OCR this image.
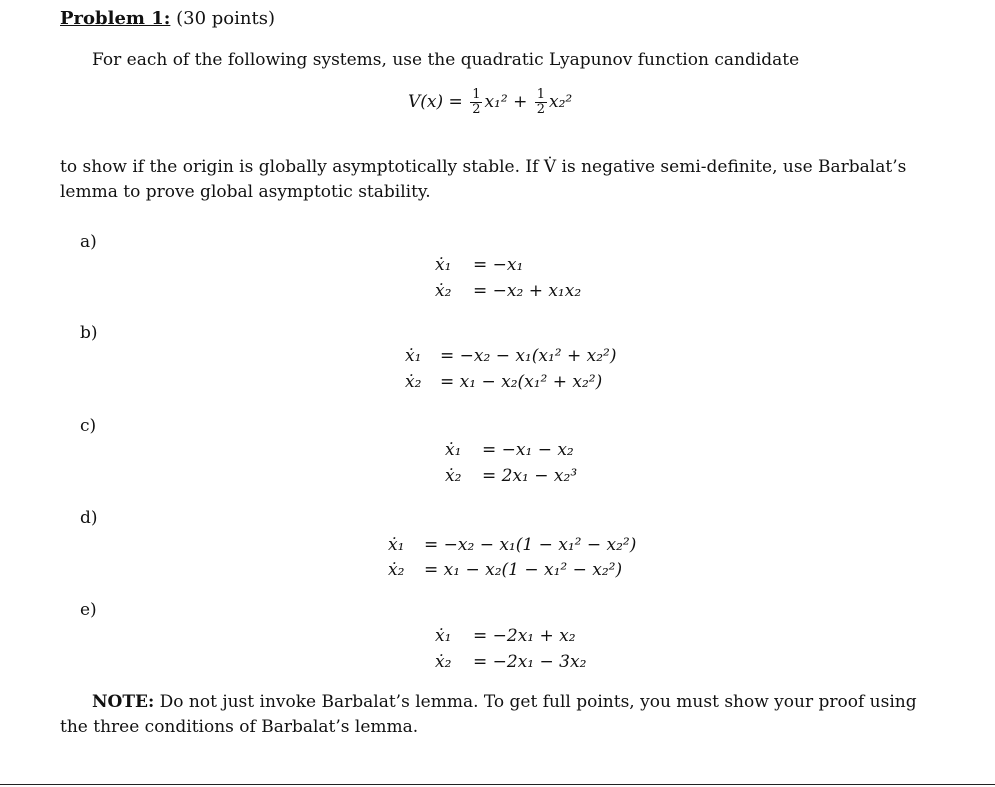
Problem 1: (30 points)
For each of the following systems, use the quadratic Lyapunov function candidate
$V(x) = \frac{1}{2} x_1^2 + \frac{1}{2} x_2^2$
to show if the origin is globally asymptotically stable. If V̇ is negative semi-definite, use Barbalat’s lemma to prove global asymptotic stability.
a)
ẋ₁ = −x₁
ẋ₂ = −x₂ + x₁x₂
b)
ẋ₁ = −x₂ − x₁(x₁² + x₂²)
ẋ₂ = x₁ − x₂(x₁² + x₂²)
c)
ẋ₁ = −x₁ − x₂
ẋ₂ = 2x₁ − x₂³
d)
ẋ₁ = −x₂ − x₁(1 − x₁² − x₂²)
ẋ₂ = x₁ − x₂(1 − x₁² − x₂²)
e)
ẋ₁ = −2x₁ + x₂
ẋ₂ = −2x₁ − 3x₂
NOTE: Do not just invoke Barbalat’s lemma. To get full points, you must show your proof using the three conditions of Barbalat’s lemma.
